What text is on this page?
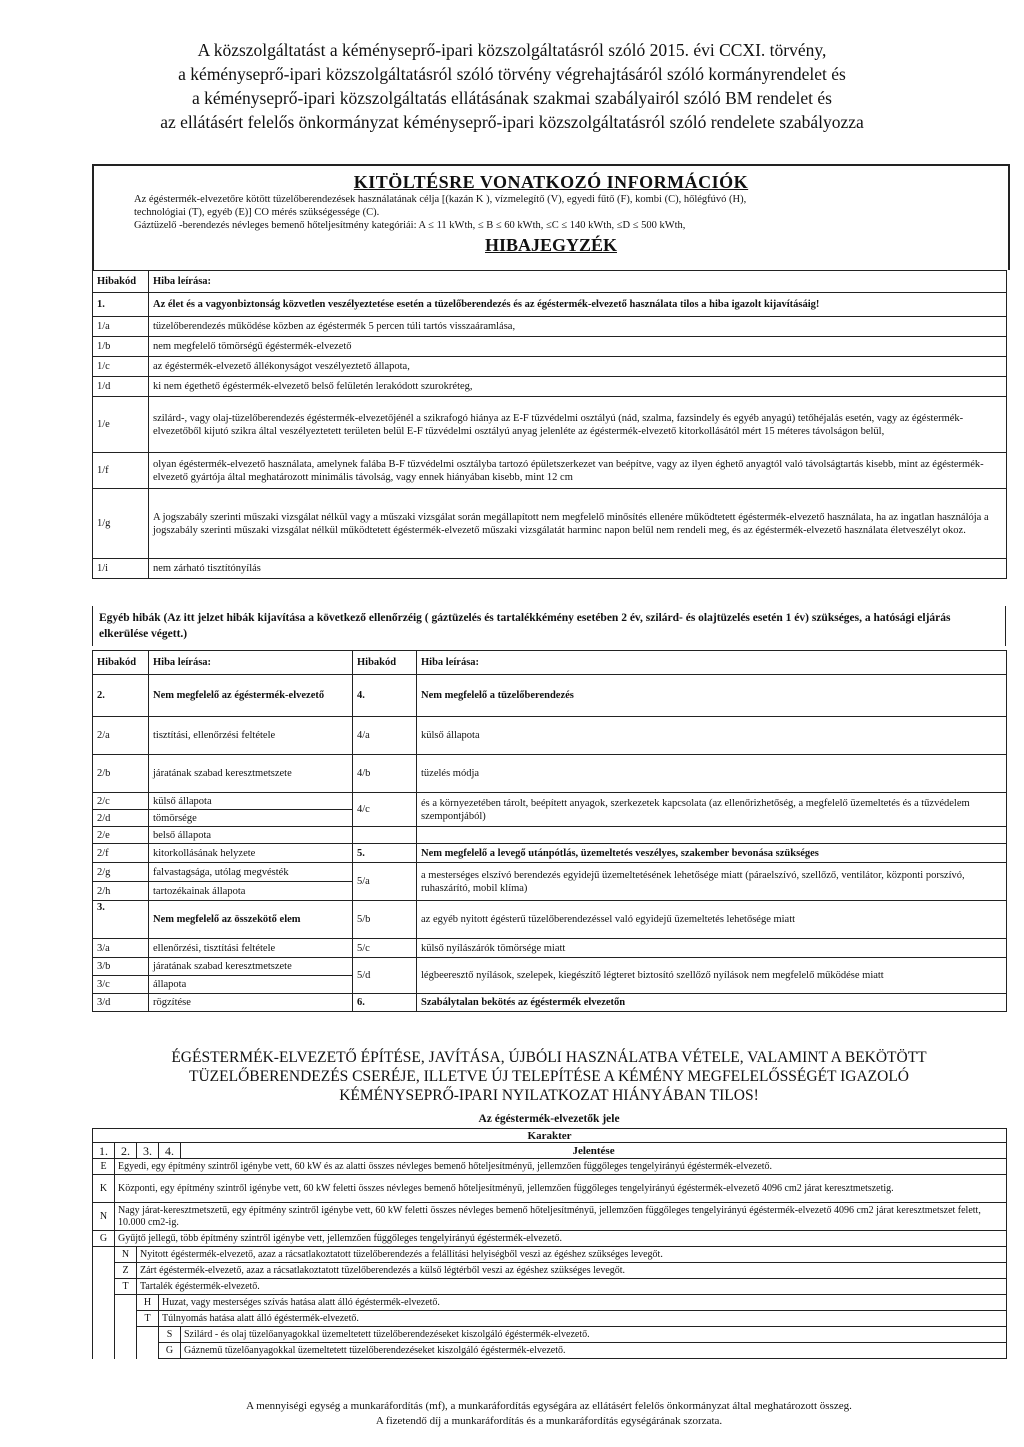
A közszolgáltatást a kéményseprő-ipari közszolgáltatásról szóló 2015. évi CCXI. törvény,
a kéményseprő-ipari közszolgáltatásról szóló törvény végrehajtásáról szóló kormányrendelet és
a kéményseprő-ipari közszolgáltatás ellátásának szakmai szabályairól szóló BM rendelet és
az ellátásért felelős önkormányzat kéményseprő-ipari közszolgáltatásról szóló rendelete szabályozza
KITÖLTÉSRE VONATKOZÓ INFORMÁCIÓK
Az égéstermék-elvezetőre kötött tüzelőberendezések használatának célja [(kazán K ), vízmelegítő (V), egyedi fűtő (F), kombi (C), hőlégfúvó (H),
technológiai (T), egyéb (E)] CO mérés szükségessége (C).
Gáztüzelő -berendezés névleges bemenő hőteljesítmény kategóriái: A ≤ 11 kWth, ≤ B ≤ 60 kWth, ≤C ≤ 140 kWth, ≤D ≤ 500 kWth,
HIBAJEGYZÉK
Hibakód	Hiba leírása:
1.	Az élet és a vagyonbiztonság közvetlen veszélyeztetése esetén a tüzelőberendezés és az égéstermék-elvezető használata tilos a hiba igazolt kijavításáig!
1/a	tüzelőberendezés működése közben az égéstermék 5 percen túli tartós visszaáramlása,
1/b	nem megfelelő tömörségű égéstermék-elvezető
1/c	az égéstermék-elvezető állékonyságot veszélyeztető állapota,
1/d	ki nem égethető égéstermék-elvezető belső felületén lerakódott szurokréteg,
1/e	szilárd-, vagy olaj-tüzelőberendezés égéstermék-elvezetőjénél a szikrafogó hiánya az E-F tűzvédelmi osztályú (nád, szalma, fazsindely és egyéb anyagú) tetőhéjalás esetén, vagy az égéstermék-elvezetőből kijutó szikra által veszélyeztetett területen belül E-F tűzvédelmi osztályú anyag jelenléte az égéstermék-elvezető kitorkollásától mért 15 méteres távolságon belül,
1/f	olyan égéstermék-elvezető használata, amelynek falába B-F tűzvédelmi osztályba tartozó épületszerkezet van beépítve, vagy az ilyen éghető anyagtól való távolságtartás kisebb, mint az égéstermék-elvezető gyártója által meghatározott minimális távolság, vagy ennek hiányában kisebb, mint 12 cm
1/g	A jogszabály szerinti műszaki vizsgálat nélkül vagy a műszaki vizsgálat során megállapított nem megfelelő minősítés ellenére működtetett égéstermék-elvezető használata, ha az ingatlan használója a jogszabály szerinti műszaki vizsgálat nélkül működtetett égéstermék-elvezető műszaki vizsgálatát harminc napon belül nem rendeli meg, és az égéstermék-elvezető használata életveszélyt okoz.
1/i	nem zárható tisztítónyílás
Egyéb hibák (Az itt jelzet hibák kijavítása a következő ellenőrzéig ( gáztüzelés és tartalékkémény esetében 2 év, szilárd- és olajtüzelés esetén 1 év) szükséges, a hatósági eljárás elkerülése végett.)
Hibakód	Hiba leírása:	Hibakód	Hiba leírása:
2.	Nem megfelelő az égéstermék-elvezető	4.	Nem megfelelő a tüzelőberendezés
2/a	tisztítási, ellenőrzési feltétele	4/a	külső állapota
2/b	járatának szabad keresztmetszete	4/b	tüzelés módja
2/c	külső állapota	4/c	és a környezetében tárolt, beépített anyagok, szerkezetek kapcsolata (az ellenőrizhetőség, a megfelelő üzemeltetés és a tűzvédelem szempontjából)
2/d	tömörsége		
2/e	belső állapota		
2/f	kitorkollásának helyzete	5.	Nem megfelelő a levegő utánpótlás, üzemeltetés veszélyes, szakember bevonása szükséges
2/g	falvastagsága, utólag megvésték	5/a	a mesterséges elszívó berendezés egyidejű üzemeltetésének lehetősége miatt (páraelszívó, szellőző, ventilátor, központi porszívó, ruhaszárító, mobil klíma)
2/h	tartozékainak állapota		
3.	Nem megfelelő az összekötő elem	5/b	az egyéb nyitott égésterű tüzelőberendezéssel való egyidejű üzemeltetés lehetősége miatt
3/a	ellenőrzési, tisztítási feltétele	5/c	külső nyílászárók tömörsége miatt
3/b	járatának szabad keresztmetszete	5/d	légbeeresztő nyílások, szelepek, kiegészítő légteret biztosító szellőző nyílások nem megfelelő működése miatt
3/c	állapota		
3/d	rögzítése	6.	Szabálytalan bekötés az égéstermék elvezetőn
ÉGÉSTERMÉK-ELVEZETŐ ÉPÍTÉSE, JAVÍTÁSA, ÚJBÓLI HASZNÁLATBA VÉTELE, VALAMINT A BEKÖTÖTT
TÜZELŐBERENDEZÉS CSERÉJE, ILLETVE ÚJ TELEPÍTÉSE A KÉMÉNY MEGFELELŐSSÉGÉT IGAZOLÓ
KÉMÉNYSEPRŐ-IPARI NYILATKOZAT HIÁNYÁBAN TILOS!
Az égéstermék-elvezetők jele
Karakter				
1.	2.	3.	4.	Jelentése
E	Egyedi, egy építmény szintről igénybe vett, 60 kW és az alatti összes névleges bemenő hőteljesítményű, jellemzően függőleges tengelyirányú égéstermék-elvezető.			
K	Központi, egy építmény szintről igénybe vett, 60 kW feletti összes névleges bemenő hőteljesítményű, jellemzően függőleges tengelyirányú égéstermék-elvezető 4096 cm2 járat keresztmetszetig.			
N	Nagy járat-keresztmetszetű, egy építmény szintről igénybe vett, 60 kW feletti összes névleges bemenő hőteljesítményű, jellemzően függőleges tengelyirányú égéstermék-elvezető 4096 cm2 járat keresztmetszet felett, 10.000 cm2-ig.			
G	Gyűjtő jellegű, több építmény szintről igénybe vett, jellemzően függőleges tengelyirányú égéstermék-elvezető.			
	N	Nyitott égéstermék-elvezető, azaz a rácsatlakoztatott tüzelőberendezés a felállítási helyiségből veszi az égéshez szükséges levegőt.		
	Z	Zárt égéstermék-elvezető, azaz a rácsatlakoztatott tüzelőberendezés a külső légtérből veszi az égéshez szükséges levegőt.		
	T	Tartalék égéstermék-elvezető.		
		H	Huzat, vagy mesterséges szívás hatása alatt álló égéstermék-elvezető.	
		T	Túlnyomás hatása alatt álló égéstermék-elvezető.	
			S	Szilárd - és olaj tüzelőanyagokkal üzemeltetett tüzelőberendezéseket kiszolgáló égéstermék-elvezető.
			G	Gáznemű tüzelőanyagokkal üzemeltetett tüzelőberendezéseket kiszolgáló égéstermék-elvezető.
A mennyiségi egység a munkaráfordítás (mf), a munkaráfordítás egységára az ellátásért felelős önkormányzat által meghatározott összeg.
A fizetendő díj a munkaráfordítás és a munkaráfordítás egységárának szorzata.
